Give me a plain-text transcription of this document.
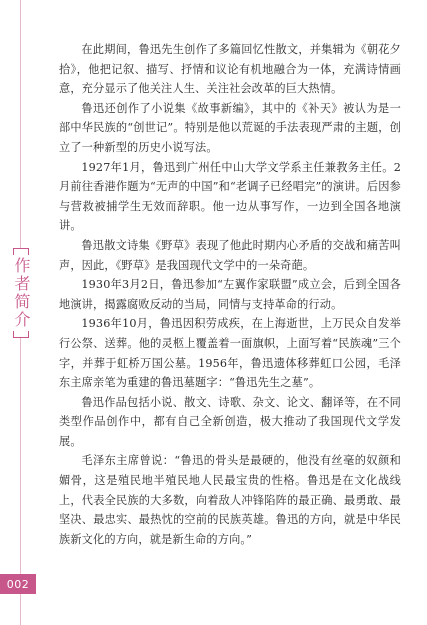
作者简介

在此期间，鲁迅先生创作了多篇回忆性散文，并集辑为《朝花夕拾》，他把记叙、描写、抒情和议论有机地融合为一体，充满诗情画意，充分显示了他关注人生、关注社会改革的巨大热情。

鲁迅还创作了小说集《故事新编》，其中的《补天》被认为是一部中华民族的“创世记”。特别是他以荒诞的手法表现严肃的主题，创立了一种新型的历史小说写法。

1927年1月，鲁迅到广州任中山大学文学系主任兼教务主任。2月前往香港作题为“无声的中国”和“老调子已经唱完”的演讲。后因参与营救被捕学生无效而辞职。他一边从事写作，一边到全国各地演讲。

鲁迅散文诗集《野草》表现了他此时期内心矛盾的交战和痛苦叫声，因此，《野草》是我国现代文学中的一朵奇葩。

1930年3月2日，鲁迅参加“左翼作家联盟”成立会，后到全国各地演讲，揭露腐败反动的当局，同情与支持革命的行动。

1936年10月，鲁迅因积劳成疾，在上海逝世，上万民众自发举行公祭、送葬。他的灵柩上覆盖着一面旗帜，上面写着“民族魂”三个字，并葬于虹桥万国公墓。1956年，鲁迅遗体移葬虹口公园，毛泽东主席亲笔为重建的鲁迅墓题字：“鲁迅先生之墓”。

鲁迅作品包括小说、散文、诗歌、杂文、论文、翻译等，在不同类型作品创作中，都有自己全新创造，极大推动了我国现代文学发展。

毛泽东主席曾说：“鲁迅的骨头是最硬的，他没有丝毫的奴颜和媚骨，这是殖民地半殖民地人民最宝贵的性格。鲁迅是在文化战线上，代表全民族的大多数，向着敌人冲锋陷阵的最正确、最勇敢、最坚决、最忠实、最热忱的空前的民族英雄。鲁迅的方向，就是中华民族新文化的方向，就是新生命的方向。”

002
